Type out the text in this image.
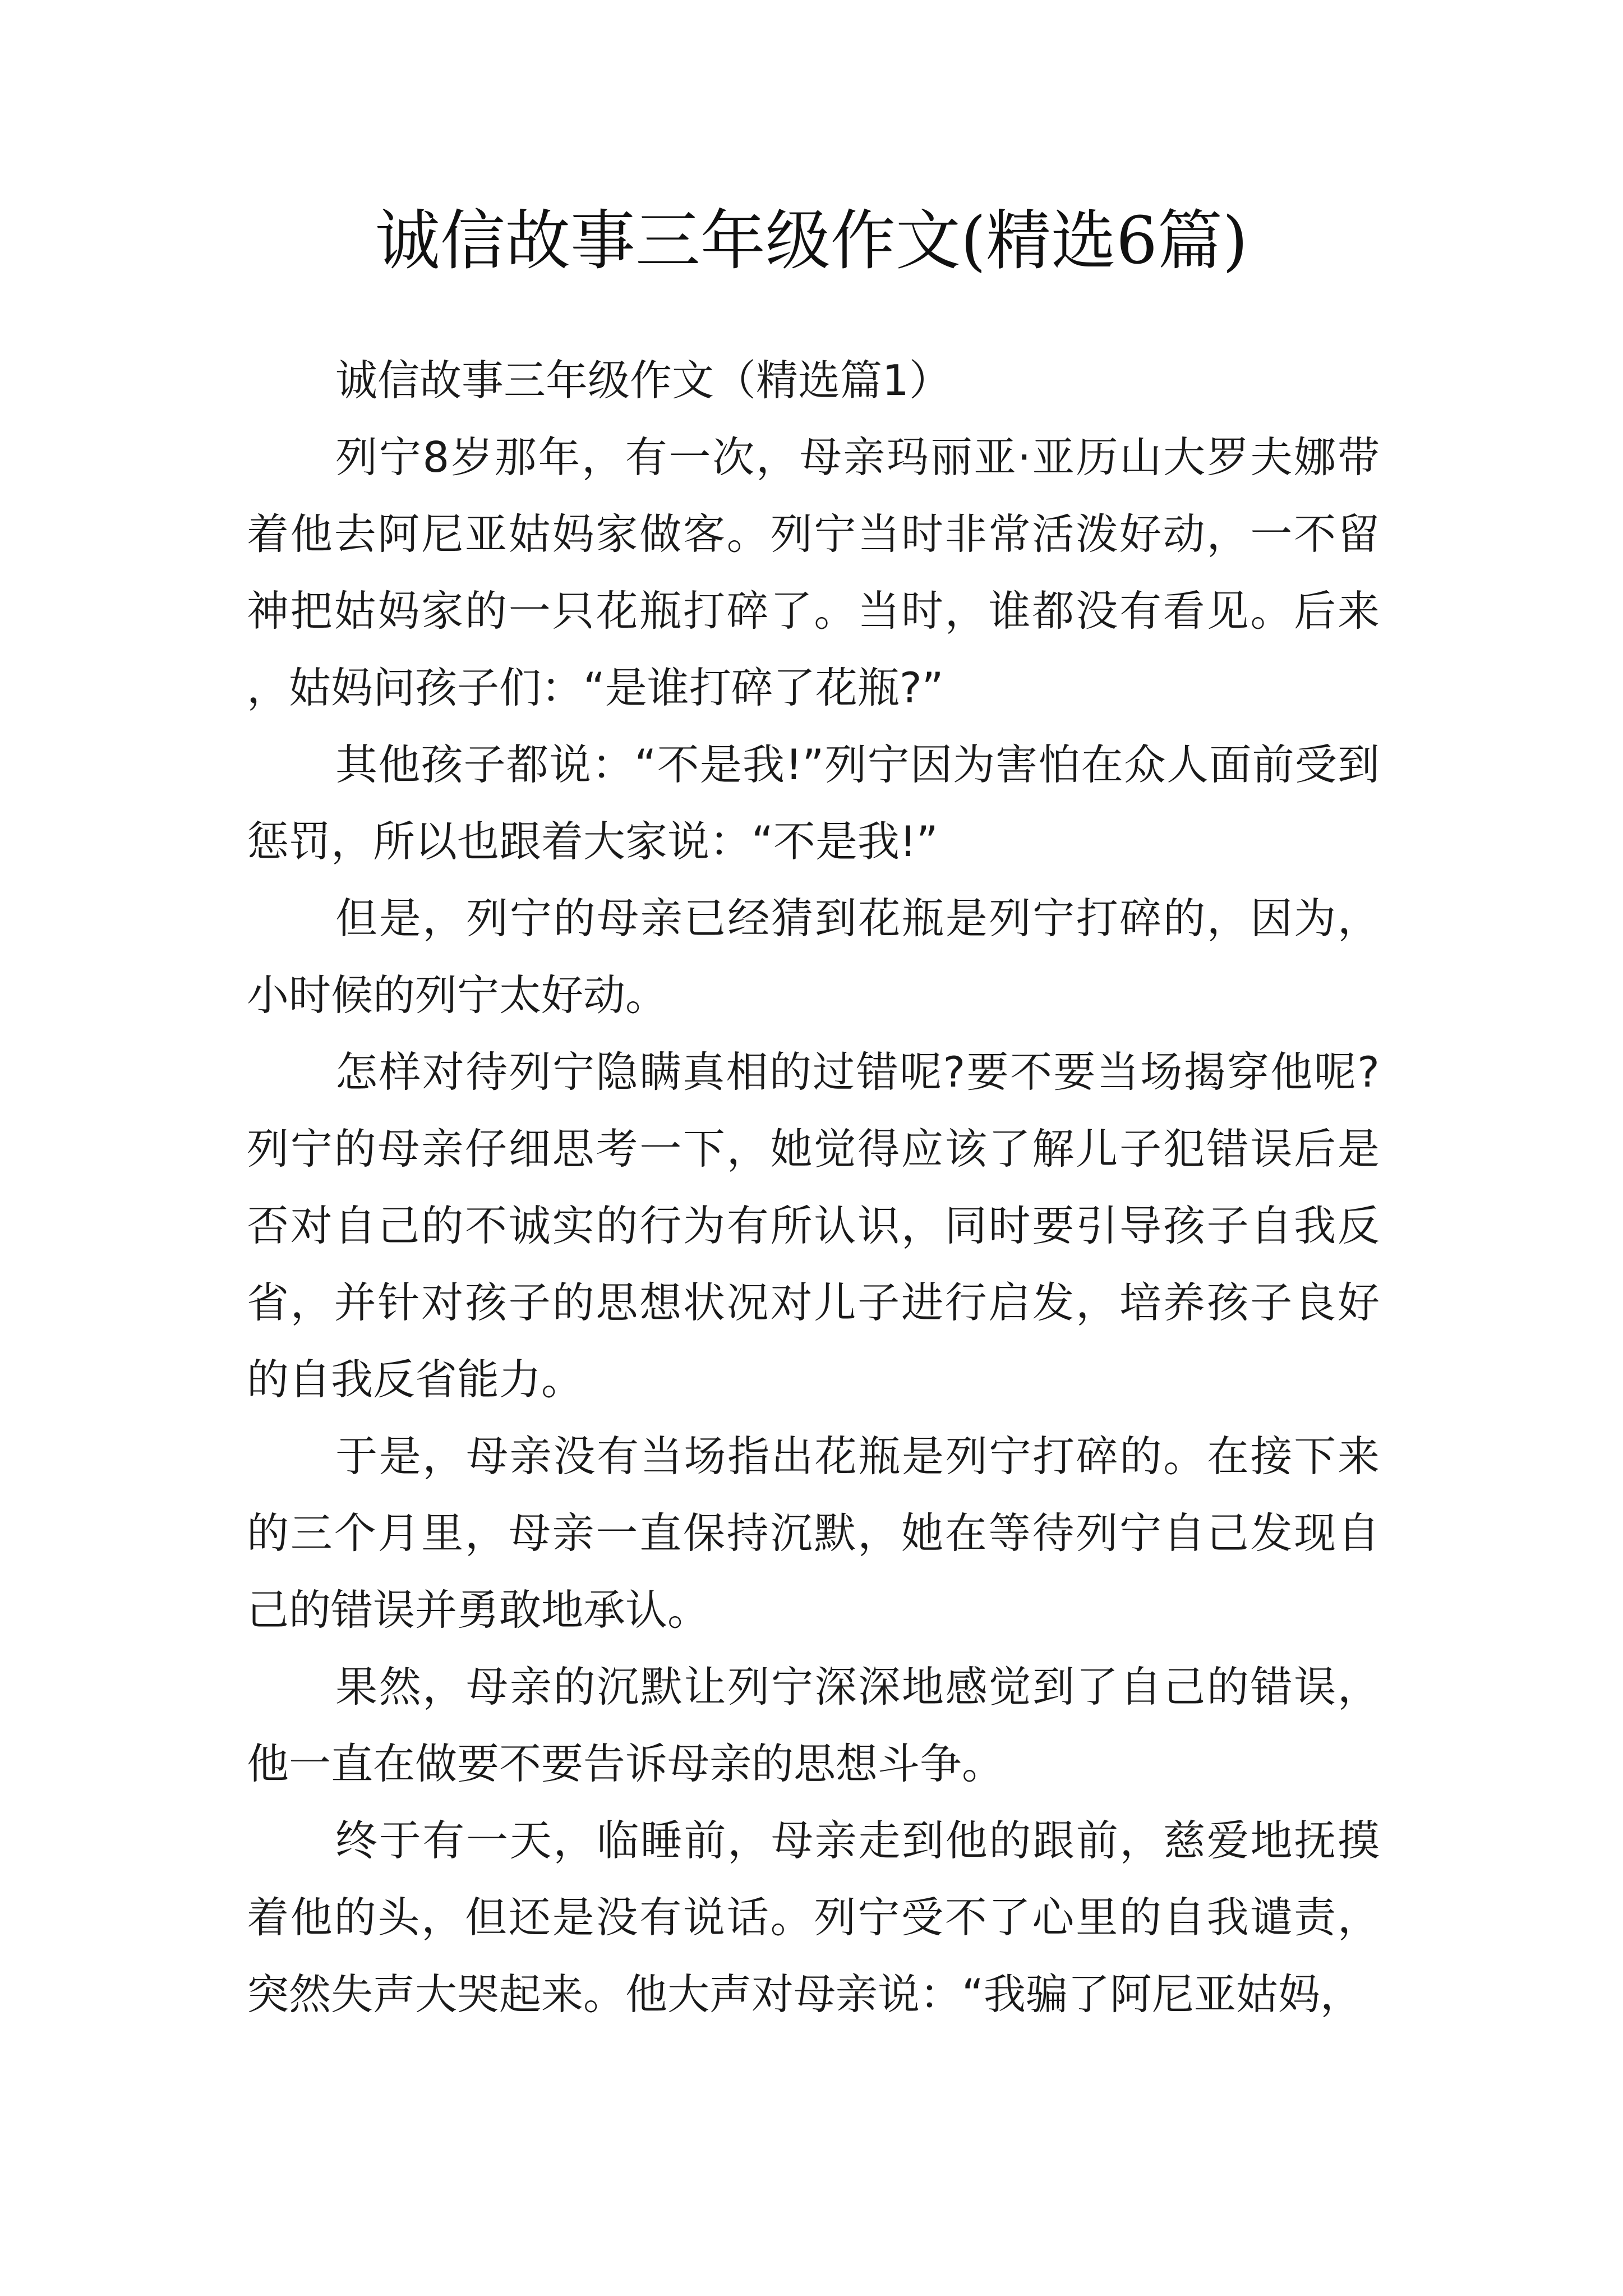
诚信故事三年级作文(精选6篇)

诚信故事三年级作文（精选篇1）

列宁8岁那年，有一次，母亲玛丽亚·亚历山大罗夫娜带着他去阿尼亚姑妈家做客。列宁当时非常活泼好动，一不留神把姑妈家的一只花瓶打碎了。当时，谁都没有看见。后来，姑妈问孩子们：“是谁打碎了花瓶?”

其他孩子都说：“不是我!”列宁因为害怕在众人面前受到惩罚，所以也跟着大家说：“不是我!”

但是，列宁的母亲已经猜到花瓶是列宁打碎的，因为，小时候的列宁太好动。

怎样对待列宁隐瞒真相的过错呢?要不要当场揭穿他呢?列宁的母亲仔细思考一下，她觉得应该了解儿子犯错误后是否对自己的不诚实的行为有所认识，同时要引导孩子自我反省，并针对孩子的思想状况对儿子进行启发，培养孩子良好的自我反省能力。

于是，母亲没有当场指出花瓶是列宁打碎的。在接下来的三个月里，母亲一直保持沉默，她在等待列宁自己发现自己的错误并勇敢地承认。

果然，母亲的沉默让列宁深深地感觉到了自己的错误，他一直在做要不要告诉母亲的思想斗争。

终于有一天，临睡前，母亲走到他的跟前，慈爱地抚摸着他的头，但还是没有说话。列宁受不了心里的自我谴责，突然失声大哭起来。他大声对母亲说：“我骗了阿尼亚姑妈，
